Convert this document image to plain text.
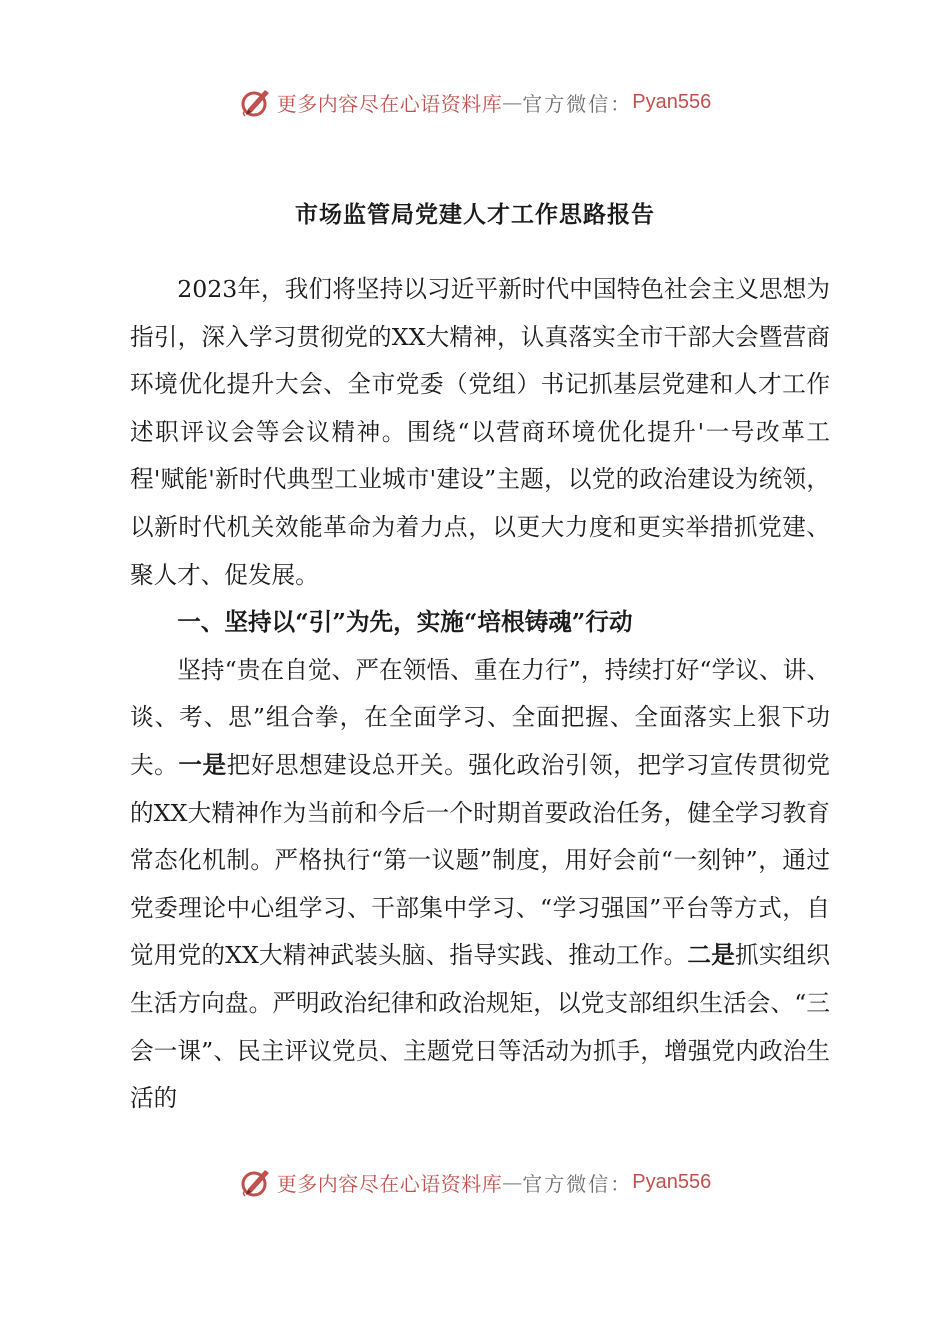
更多内容尽在心语资料库 — 官方微信： Pyan556
市场监管局党建人才工作思路报告

2023年，我们将坚持以习近平新时代中国特色社会主义思想为指引，深入学习贯彻党的XX大精神，认真落实全市干部大会暨营商环境优化提升大会、全市党委（党组）书记抓基层党建和人才工作述职评议会等会议精神。围绕“以营商环境优化提升'一号改革工程'赋能'新时代典型工业城市'建设”主题，以党的政治建设为统领，以新时代机关效能革命为着力点，以更大力度和更实举措抓党建、聚人才、促发展。

一、坚持以“引”为先，实施“培根铸魂”行动

坚持“贵在自觉、严在领悟、重在力行”，持续打好“学议、讲、谈、考、思”组合拳，在全面学习、全面把握、全面落实上狠下功夫。一是把好思想建设总开关。强化政治引领，把学习宣传贯彻党的XX大精神作为当前和今后一个时期首要政治任务，健全学习教育常态化机制。严格执行“第一议题”制度，用好会前“一刻钟”，通过党委理论中心组学习、干部集中学习、“学习强国”平台等方式，自觉用党的XX大精神武装头脑、指导实践、推动工作。二是抓实组织生活方向盘。严明政治纪律和政治规矩，以党支部组织生活会、“三会一课”、民主评议党员、主题党日等活动为抓手，增强党内政治生活的

更多内容尽在心语资料库 — 官方微信： Pyan556
